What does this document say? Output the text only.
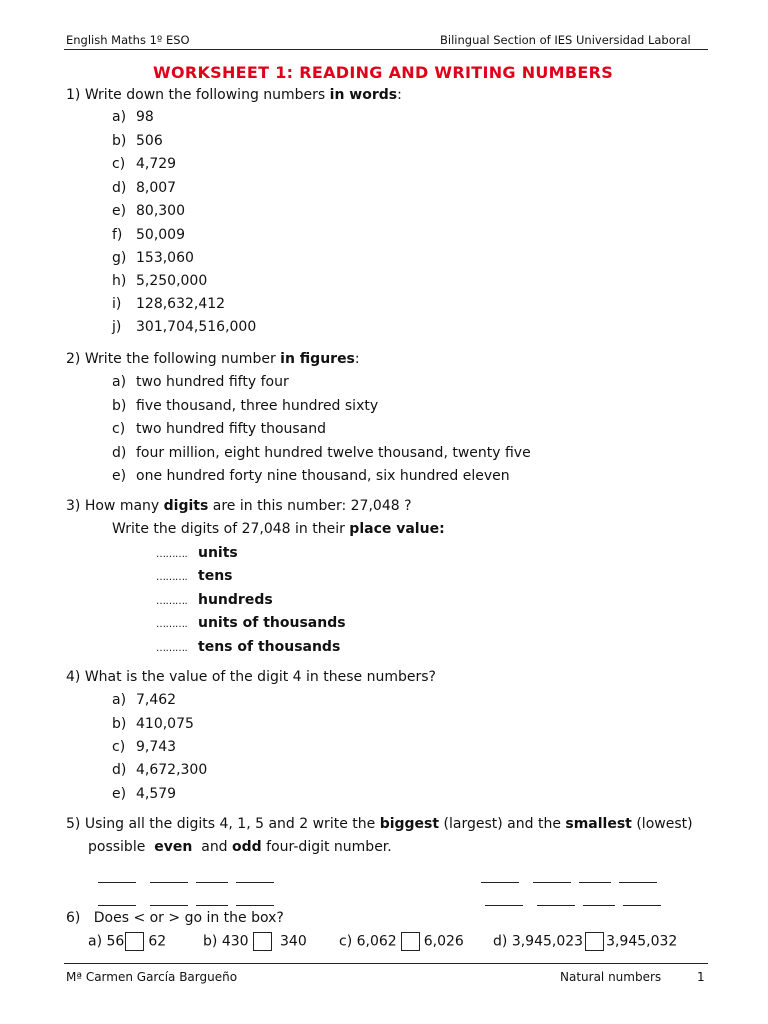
English Maths 1º ESO	Bilingual Section of IES Universidad Laboral
WORKSHEET 1: READING AND WRITING NUMBERS
1) Write down the following numbers in words:
a) 98
b) 506
c) 4,729
d) 8,007
e) 80,300
f) 50,009
g) 153,060
h) 5,250,000
i) 128,632,412
j) 301,704,516,000
2) Write the following number in figures:
a) two hundred fifty four
b) five thousand, three hundred sixty
c) two hundred fifty thousand
d) four million, eight hundred twelve thousand, twenty five
e) one hundred forty nine thousand, six hundred eleven
3) How many digits are in this number: 27,048 ?
Write the digits of 27,048 in their place value:
………. units
………. tens
………. hundreds
………. units of thousands
………. tens of thousands
4) What is the value of the digit 4 in these numbers?
a) 7,462
b) 410,075
c) 9,743
d) 4,672,300
e) 4,579
5) Using all the digits 4, 1, 5 and 2 write the biggest (largest) and the smallest (lowest)
possible even and odd four-digit number.
6) Does < or > go in the box?
a) 56 62	b) 430 340 c) 6,062 6,026 d) 3,945,023 3,945,032
Mª Carmen García Bargueño	Natural numbers	1
